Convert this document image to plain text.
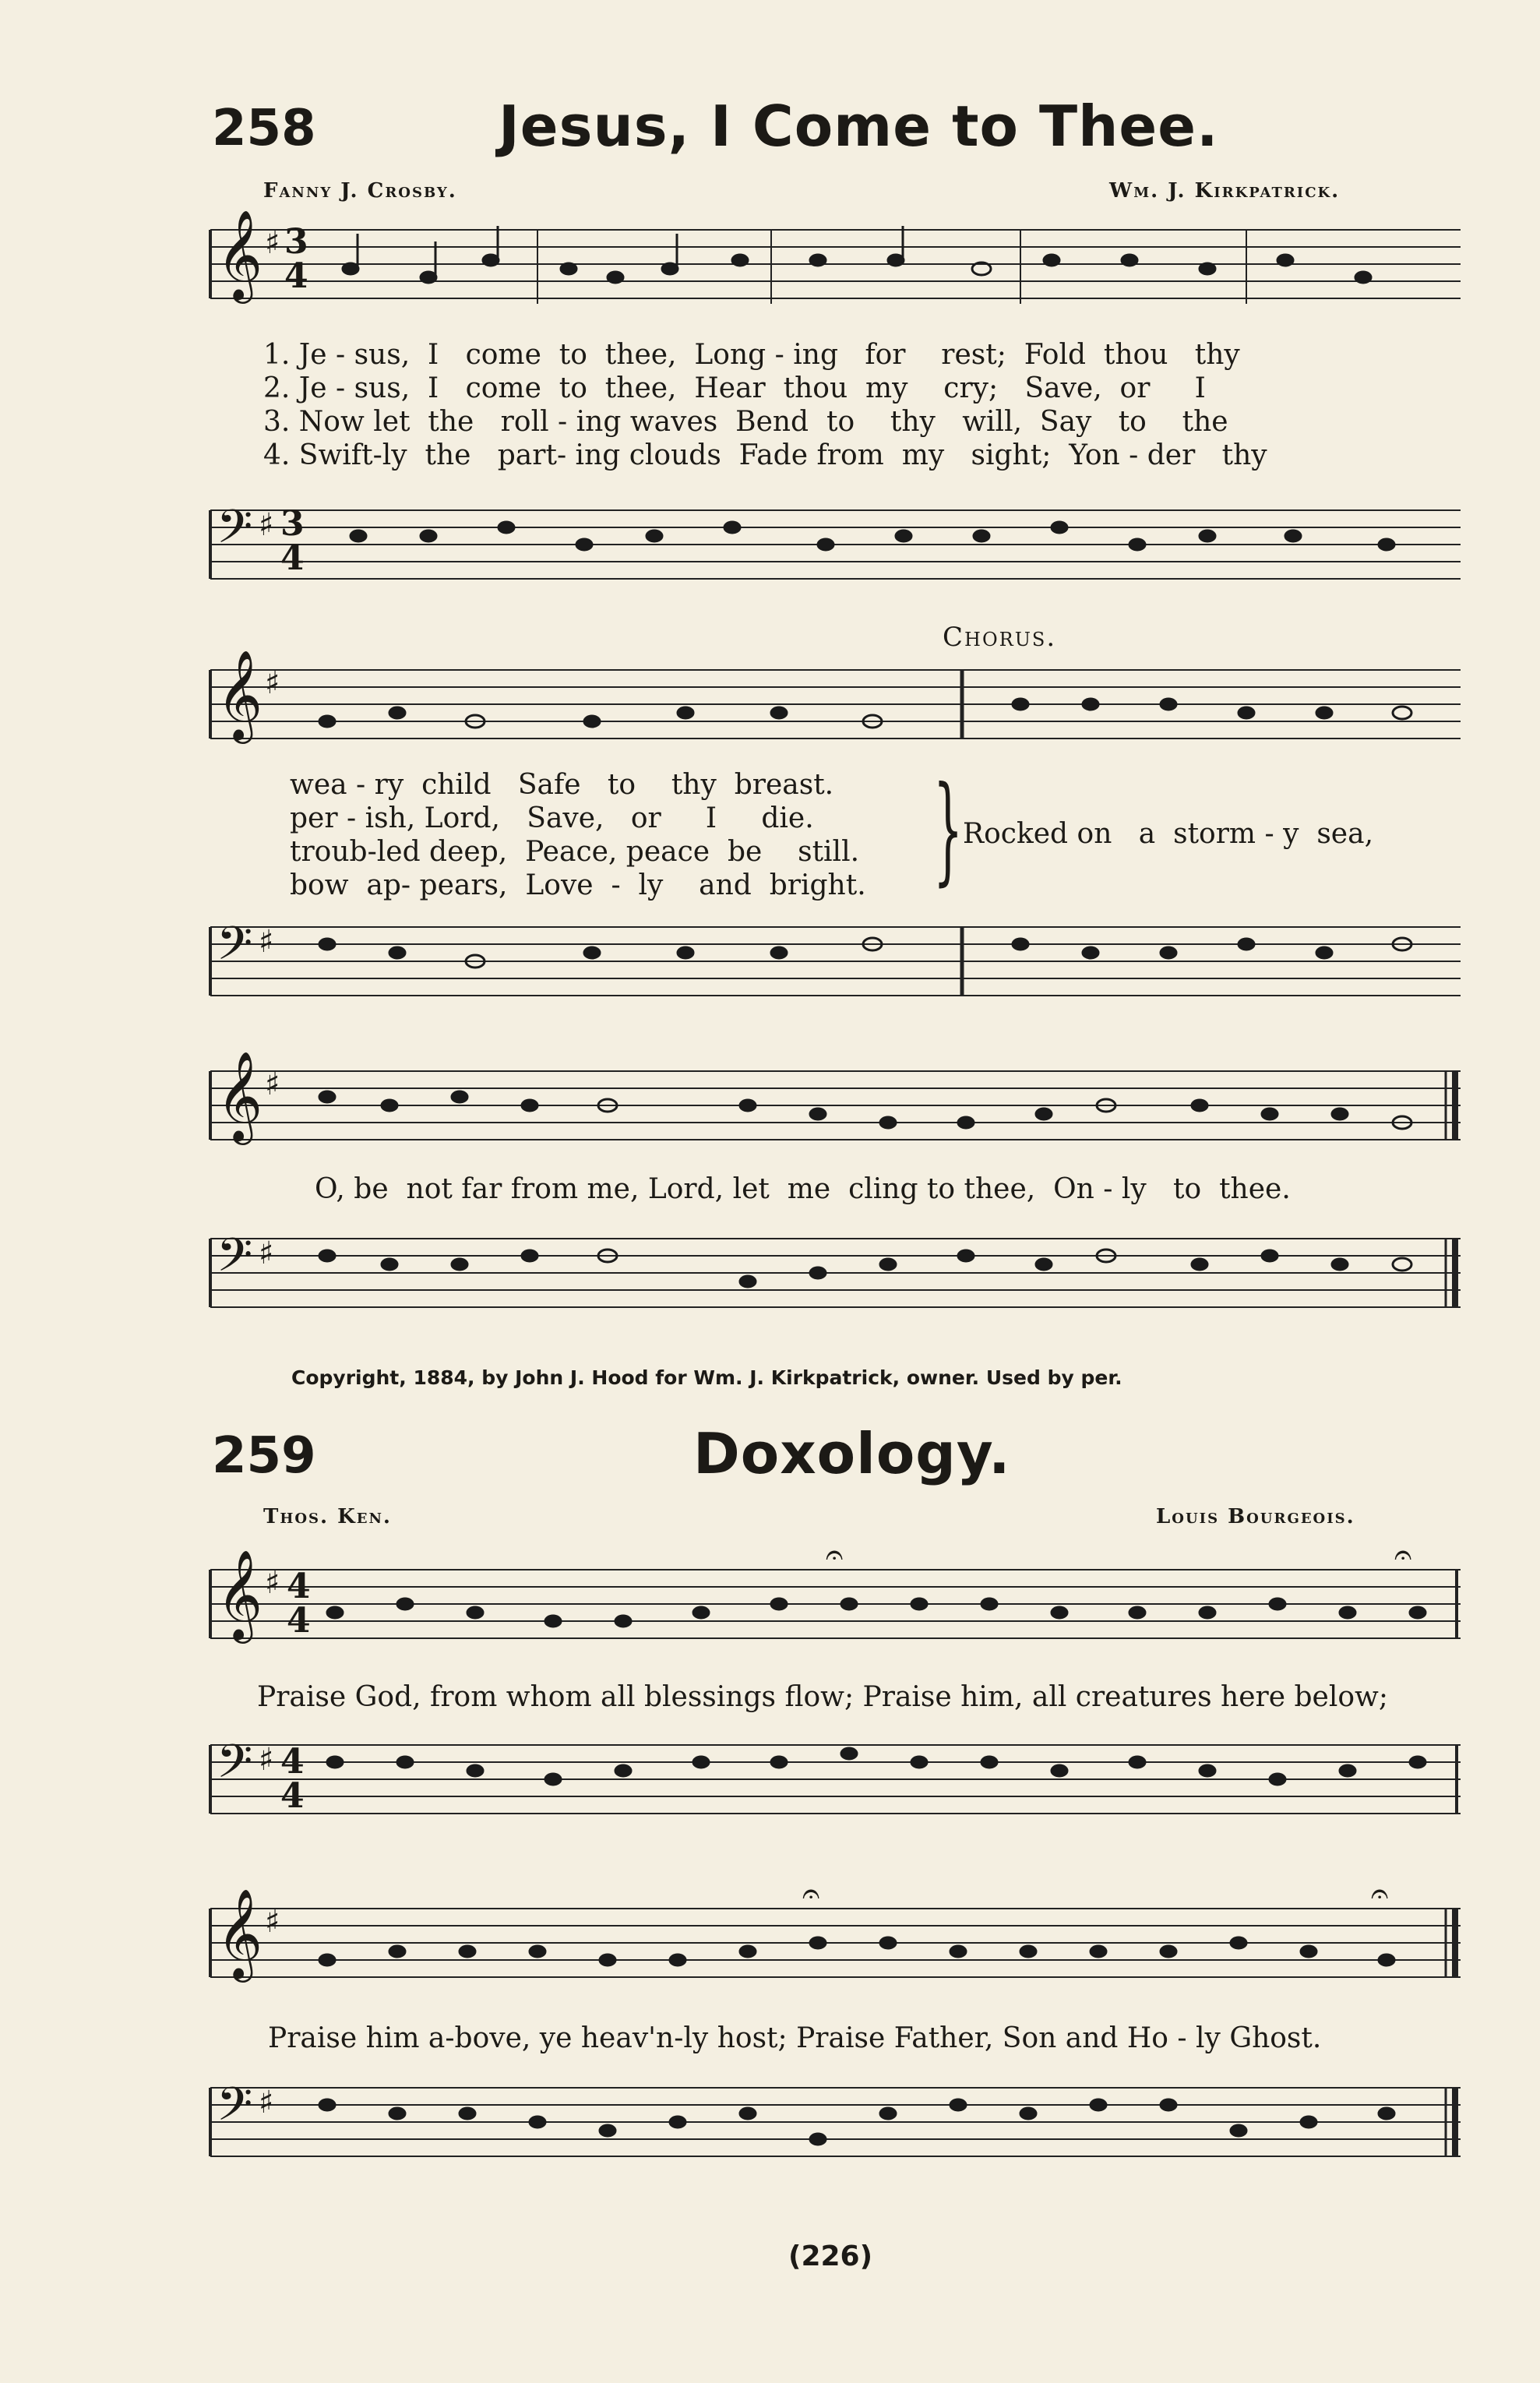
258	Jesus, I Come to Thee.
Fanny J. Crosby.	Wm. J. Kirkpatrick.
𝄞 ♯ 3
4
1. Je - sus,  I   come  to  thee,  Long - ing   for    rest;  Fold  thou   thy
2. Je - sus,  I   come  to  thee,  Hear  thou  my    cry;   Save,  or     I
3. Now let  the   roll - ing waves  Bend  to    thy   will,  Say   to    the
4. Swift-ly  the   part- ing clouds  Fade from  my   sight;  Yon - der   thy
𝄢 ♯ 3
4
Chorus.
𝄞 ♯
wea - ry  child   Safe   to    thy  breast.
per - ish, Lord,   Save,   or     I     die.
troub-led deep,  Peace, peace  be    still.
bow  ap- pears,  Love  -  ly    and  bright. } Rocked on   a  storm - y  sea,
𝄢 ♯
𝄞 ♯
O, be  not far from me, Lord, let  me  cling to thee,  On - ly   to  thee.
𝄢 ♯
Copyright, 1884, by John J. Hood for Wm. J. Kirkpatrick, owner. Used by per.
259	Doxology.
Thos. Ken.	Louis Bourgeois.
𝄞 ♯ 4
4
𝄐	𝄐
Praise God, from whom all blessings flow; Praise him, all creatures here below;
𝄢 ♯ 4
4
𝄞 ♯
𝄐	𝄐
Praise him a-bove, ye heav'n-ly host; Praise Father, Son and Ho - ly Ghost.
𝄢 ♯
(226)
